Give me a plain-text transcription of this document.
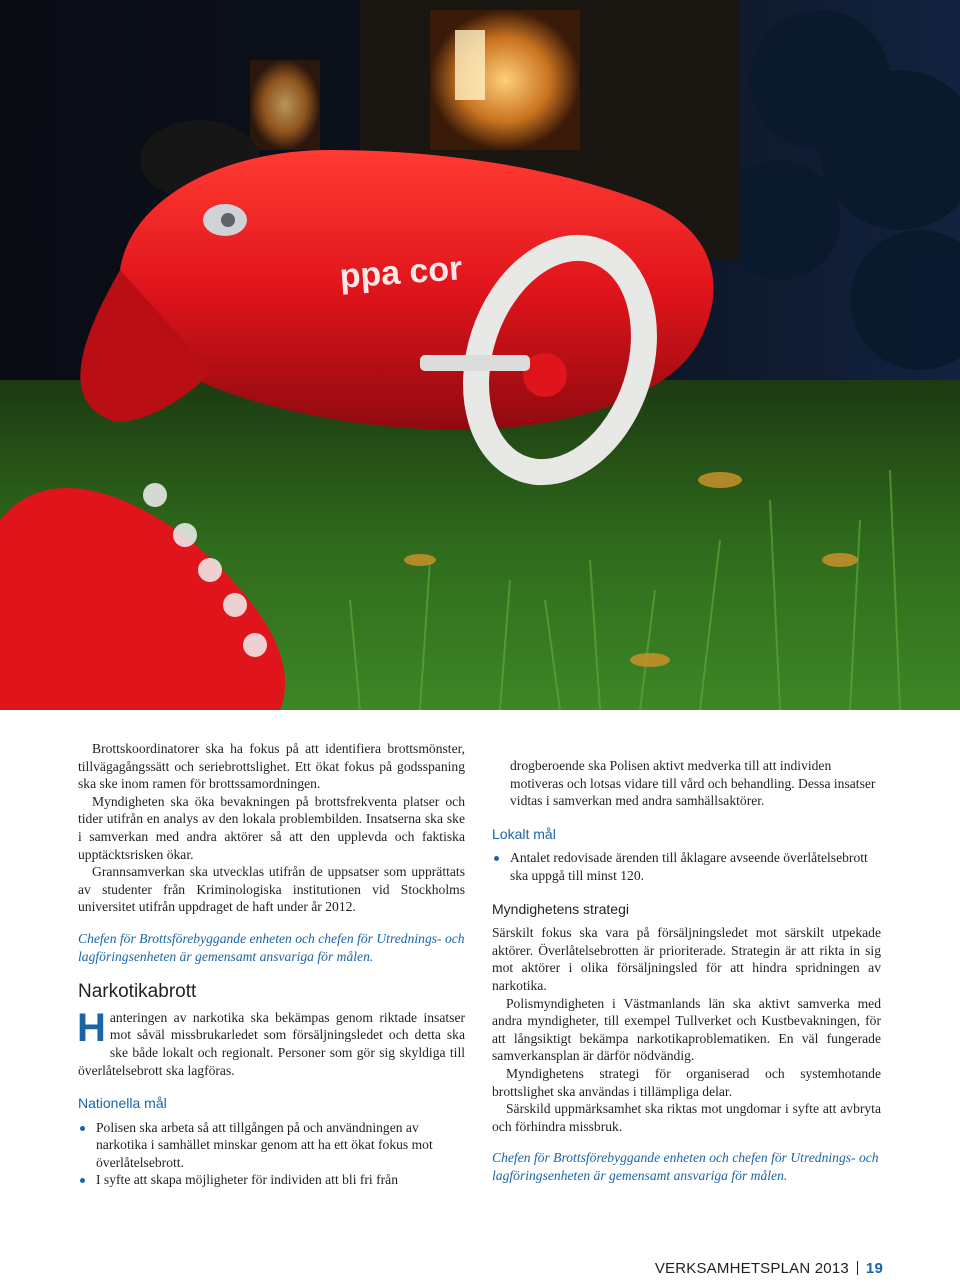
ppa cor

Brottskoordinatorer ska ha fokus på att identifiera brottsmönster, tillvägagångssätt och seriebrottslighet. Ett ökat fokus på godsspaning ska ske inom ramen för brottssamordningen.

Myndigheten ska öka bevakningen på brottsfrekventa platser och tider utifrån en analys av den lokala problembilden. Insatserna ska ske i samverkan med andra aktörer så att den upplevda och faktiska upptäcktsrisken ökar.

Grannsamverkan ska utvecklas utifrån de uppsatser som upprättats av studenter från Kriminologiska institutionen vid Stockholms universitet utifrån uppdraget de haft under år 2012.

Chefen för Brottsförebyggande enheten och chefen för Utrednings- och lagföringsenheten är gemensamt ansvariga för målen.

Narkotikabrott
H anteringen av narkotika ska bekämpas genom riktade insatser mot såväl missbrukarledet som försäljningsledet och detta ska ske både lokalt och regionalt. Personer som gör sig skyldiga till överlåtelsebrott ska lagföras.

Nationella mål
Polisen ska arbeta så att tillgången på och användningen av narkotika i samhället minskar genom att ha ett ökat fokus mot överlåtelsebrott.
I syfte att skapa möjligheter för individen att bli fri från

drogberoende ska Polisen aktivt medverka till att individen motiveras och lotsas vidare till vård och behandling. Dessa insatser vidtas i samverkan med andra samhällsaktörer.

Lokalt mål
Antalet redovisade ärenden till åklagare avseende överlåtelsebrott ska uppgå till minst 120.
Myndighetens strategi

Särskilt fokus ska vara på försäljningsledet mot särskilt utpekade aktörer. Överlåtelsebrotten är prioriterade. Strategin är att rikta in sig mot aktörer i olika försäljningsled för att hindra spridningen av narkotika.

Polismyndigheten i Västmanlands län ska aktivt samverka med andra myndigheter, till exempel Tullverket och Kustbevakningen, för att långsiktigt bekämpa narkotikaproblematiken. En väl fungerade samverkansplan är därför nödvändig.

Myndighetens strategi för organiserad och systemhotande brottslighet ska användas i tillämpliga delar.

Särskild uppmärksamhet ska riktas mot ungdomar i syfte att avbryta och förhindra missbruk.

Chefen för Brottsförebyggande enheten och chefen för Utrednings- och lagföringsenheten är gemensamt ansvariga för målen.

VERKSAMHETSPLAN 2013 19
